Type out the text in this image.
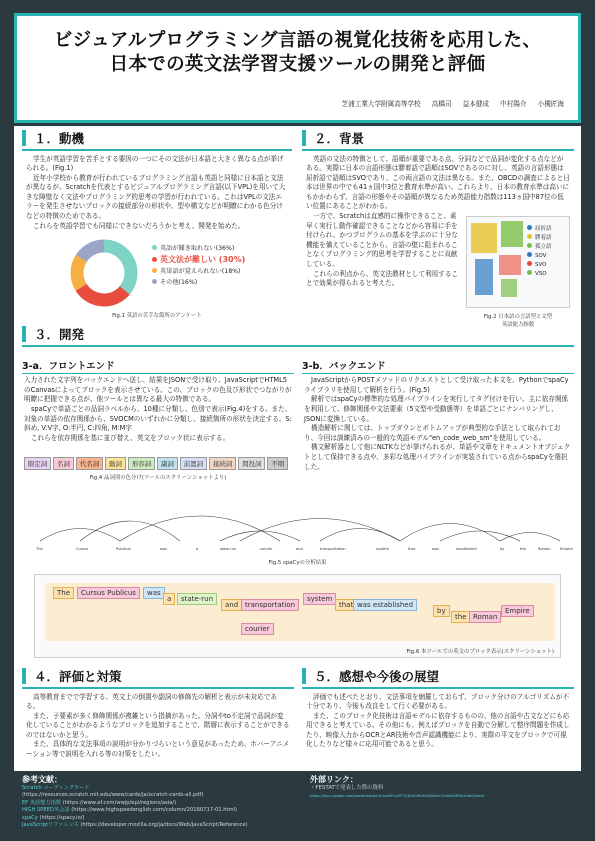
ビジュアルプログラミング言語の視覚化技術を応用した、
日本での英文法学習支援ツールの開発と評価
芝浦工業大学附属高等学校 高橋司 益本健成 中村陽介 小槻匠海
１．動機

学生が英語学習を苦手とする要因の一つにその文法が日本語と大きく異なる点が挙げられる。(Fig.1)

近年小学校から教育が行われているプログラミング言語も英語と同様に日本語と文法が異なるが、Scratchを代表とするビジュアルプログラミング言語(以下VPL)を用いて大きな障壁なく文法やプログラミング的思考の学習が行われている。これはVPLの文法エラーを発生させないブロックの接続部分の形状や、型や構文などが明瞭にわかる色分けなどの特徴のためである。

これらを英語学習でも同様にできないだろうかと考え、開発を始めた。

英語が聞き取れない(36%)
英文法が難しい (30%)
英単語が覚えられない(18%)
その他(16%)
Fig.1 英語の苦手な箇所のアンケート
２．背景

英語の文法の特徴として、語順が重要である点、分詞などで品詞が変化する点などがある。実際に日本の言語形態は膠着語で語順はSOVであるのに対し、英語の言語形態は屈折語で語順はSVOであり、この両言語の文法は異なる。また、OBCDの調査によると日本は世界の中でも41ヵ国中3位と教育水準が高い。これらより、日本の教育水準は高いにもかかわらず、言語の形態やその語順が異なるため英語能力指数は113ヵ国中87位の低い位置にあることがわかる。

一方で、Scratchは直感的に操作できること、素早く実行し動作確認できることなどから容易に手を付けられ、かつプログラムの基本を学ぶのに十分な機能を備えていることから、言語の壁に阻まれることなくプログラミング的思考を学習することに貢献している。

これらの利点から、英文法教材として利用することで効果が得られると考えた。

屈折語
膠着語
孤立語
SOV
SVO
VSO
Fig.2 日本語の言語型と文型
英語能力指数
３．開発
3-a．フロントエンド

入力された文字列をバックエンドへ送し、結果をJSONで受け取り、JavaScriptでHTML5のCanvasによってブロックを表示させている。この、ブロックの色及び形状でつながりが明瞭に把握できる点が、他ツールとは異なる最大の特徴である。

spaCyで単語ごとの品詞ラベルから、10種に分類し、色別で表示(Fig.4)をする。また、対象の単語の依存関係から、SVOCMのいずれかに分類し、接続箇所の形状を決定する。S:斜め, V:V字, O:半円, C:四角, M:M字

これらを依存関係を基に並び替え、英文をブロック状に表示する。

限定詞 名詞 代名詞 動詞 形容詞 副詞 前置詞 接続詞 間投詞 不明
Fig.4 品詞別の色分け(ツールのスクリーンショットより)
3-b．バックエンド

JavaScriptからPOSTメソッドのリクエストとして受け取った本文を、PythonでspaCyライブラリを使用して解析を行う。(Fig.5)

解析ではspaCyの標準的な処理パイプラインを実行してタグ付けを行い、主に依存関係を利用して、修飾関係や文法要素（5文型や受動態等）を単語ごとにナンバリングし、JSONに変換している。

構造解析に関しては、トップダウンとボトムアップが典型的な手法として取られており、今回は訓練済みの一般的な英語モデル"en_code_web_sm"を使用している。

構文解析器として他にNLTKなどが挙げられるが、単語や文章をドキュメントオブジェクトとして保持できる点や、多彩な処理パイプラインが実装されている点からspaCyを選択した。

The	Cursus	Publicus	was	a	state-run	courier	and	transportation	system	that	was	established	by	the	Roman	Empire
Fig.5 spaCyの分析結果
The	Cursus Publicus	was
a	state-run
and transportation
system
that was established
by
the Roman
Empire
courier
Fig.6 本ツールでの英文のブロック表示(スクリーンショット)
４．評価と対策

高等教育までで学習する、英文上の倒置や副詞の修飾先の解析と表示が未対応である。

また、子要素が多く修飾関係が複雑という指摘があった。分詞やto不定詞で品詞が変化していることがわかるようなブロックを追加することで、階層に表示することができるのではないかと思う。

また、具体的な文法事項の説明が分かりづらいという意見があったため、ホバーアニメーション等で説明を入れる等の対策をしたい。

５．感想や今後の展望

評価でも述べたとおり、文法事項を網羅しておらず、ブロック分けのアルゴリズムが不十分であり、今後も改良をして行く必要がある。

また、このブロック化技術は言語モデルに依存するものの、他の言語や古文などにも応用できると考えている。その他にも、例えばブロックを自動で分解して整序問題を作成したり、映像入力からOCRとAR技術や音声認識機能により、実際の平文をブロックで可視化したりなど様々に応用可能であると思う。

参考文献：
Scratch コーディングカード
(https://resources.scratch.mit.edu/www/cards/ja/scratch-cards-all.pdf)
EF 英語能力指数 (https://www.ef.com/wwjp/epi/regions/asia/)
HIGH SPEED英会話 (https://www.highspeedenglish.com/column/20160717-01.html)
spaCy (https://spacy.io/)
JavaScriptリファレンス (https://developer.mozilla.org/ja/docs/Web/JavaScript/Reference)
外部リンク：
・FESTATで発表した際の資料
https://docs.google.com/presentation/d/1ezHFcu8F7Q3HsOWx8aFqWkrz7eaXwLMNIa5ctbOs/edit
